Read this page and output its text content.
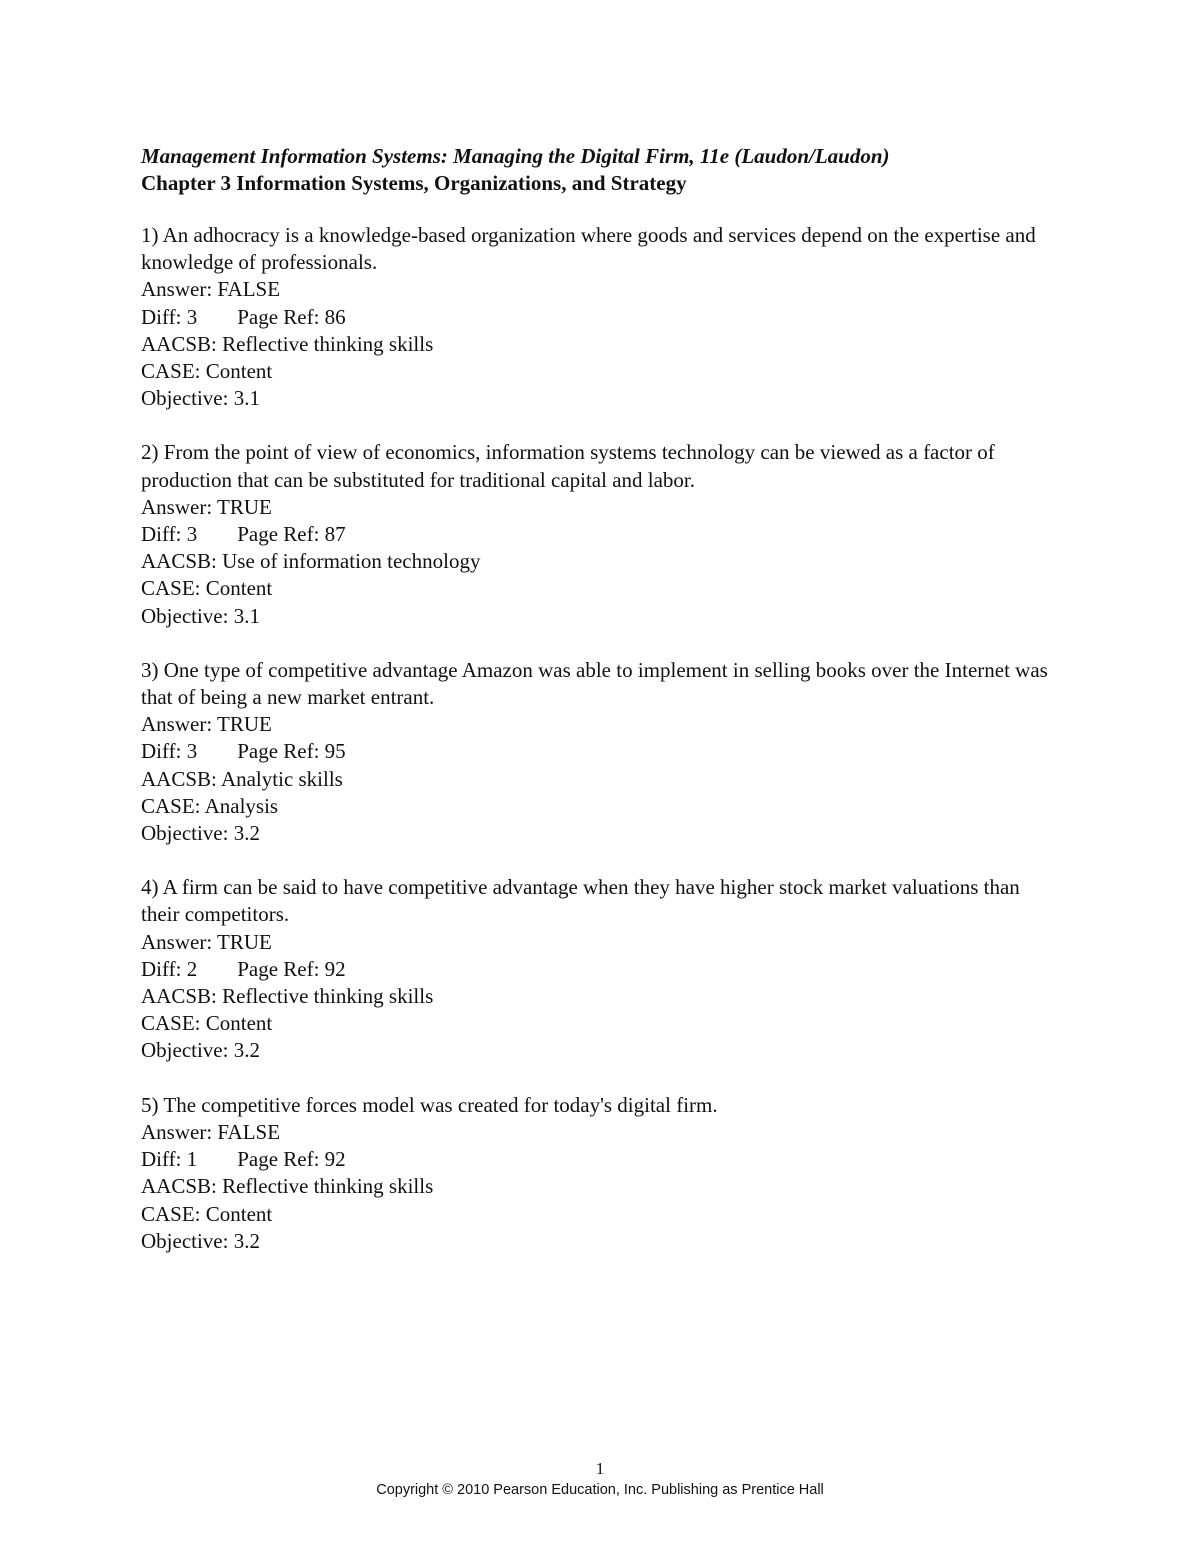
Management Information Systems: Managing the Digital Firm, 11e (Laudon/Laudon)
Chapter 3 Information Systems, Organizations, and Strategy
1) An adhocracy is a knowledge-based organization where goods and services depend on the expertise and knowledge of professionals.
Answer: FALSE
Diff: 3 Page Ref: 86
AACSB: Reflective thinking skills
CASE: Content
Objective: 3.1
2) From the point of view of economics, information systems technology can be viewed as a factor of production that can be substituted for traditional capital and labor.
Answer: TRUE
Diff: 3 Page Ref: 87
AACSB: Use of information technology
CASE: Content
Objective: 3.1
3) One type of competitive advantage Amazon was able to implement in selling books over the Internet was that of being a new market entrant.
Answer: TRUE
Diff: 3 Page Ref: 95
AACSB: Analytic skills
CASE: Analysis
Objective: 3.2
4) A firm can be said to have competitive advantage when they have higher stock market valuations than their competitors.
Answer: TRUE
Diff: 2 Page Ref: 92
AACSB: Reflective thinking skills
CASE: Content
Objective: 3.2
5) The competitive forces model was created for today's digital firm.
Answer: FALSE
Diff: 1 Page Ref: 92
AACSB: Reflective thinking skills
CASE: Content
Objective: 3.2
1
Copyright © 2010 Pearson Education, Inc. Publishing as Prentice Hall
